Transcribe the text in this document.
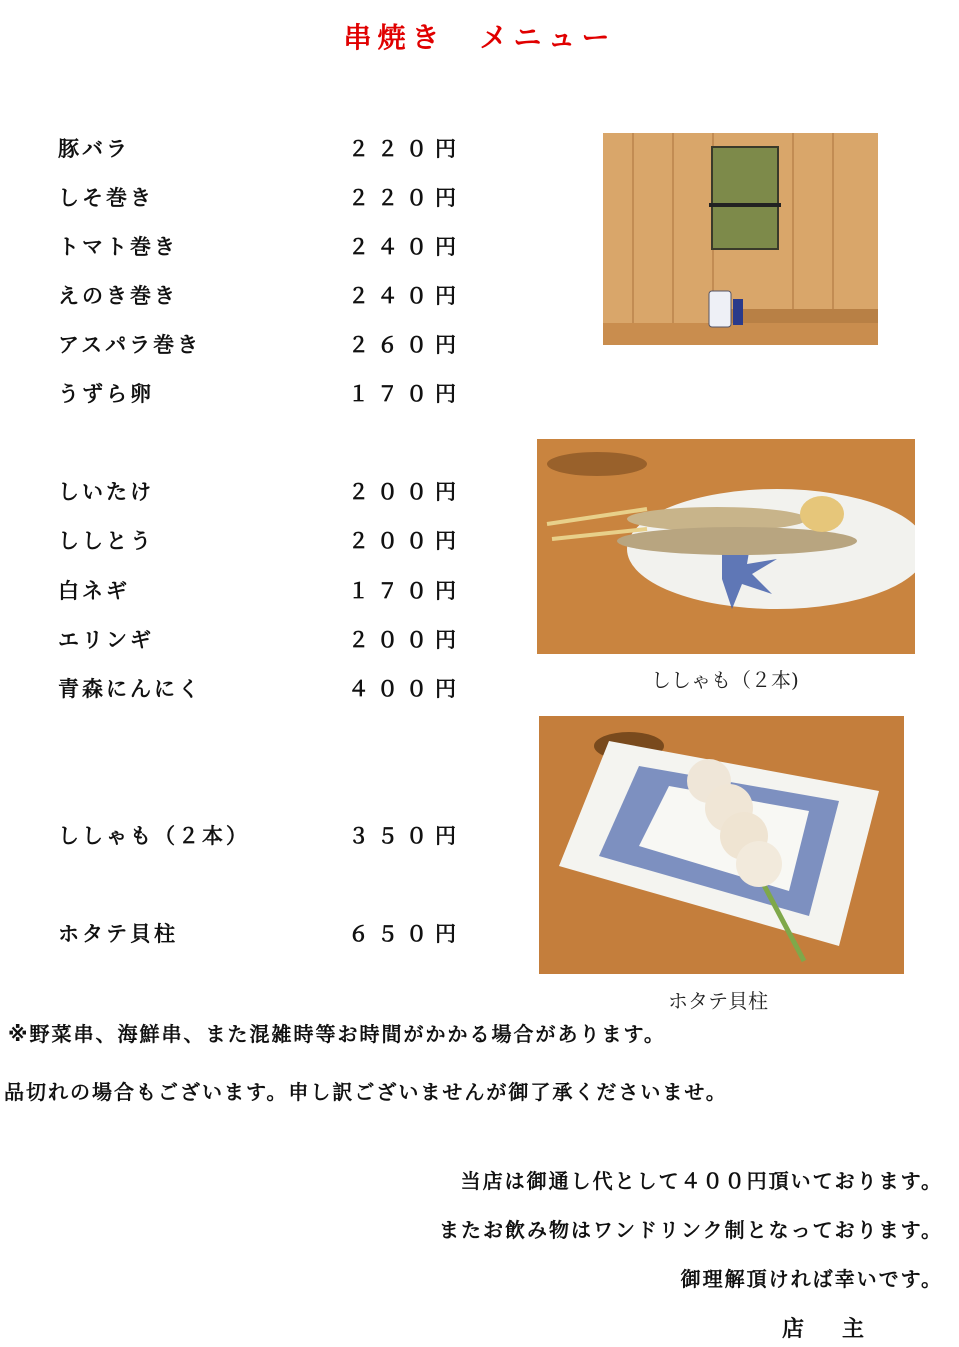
串焼き　メニュー
豚バラ	２２０円
しそ巻き	２２０円
トマト巻き	２４０円
えのき巻き	２４０円
アスパラ巻き	２６０円
うずら卵	１７０円
しいたけ	２００円
ししとう	２００円
白ネギ	１７０円
エリンギ	２００円
青森にんにく	４００円
ししゃも（２本）	３５０円
ホタテ貝柱	６５０円
ししゃも（２本)
ホタテ貝柱
※野菜串、海鮮串、また混雑時等お時間がかかる場合があります。
品切れの場合もございます。申し訳ございませんが御了承くださいませ。
当店は御通し代として４００円頂いております。
またお飲み物はワンドリンク制となっております。
御理解頂ければ幸いです。
店　主
